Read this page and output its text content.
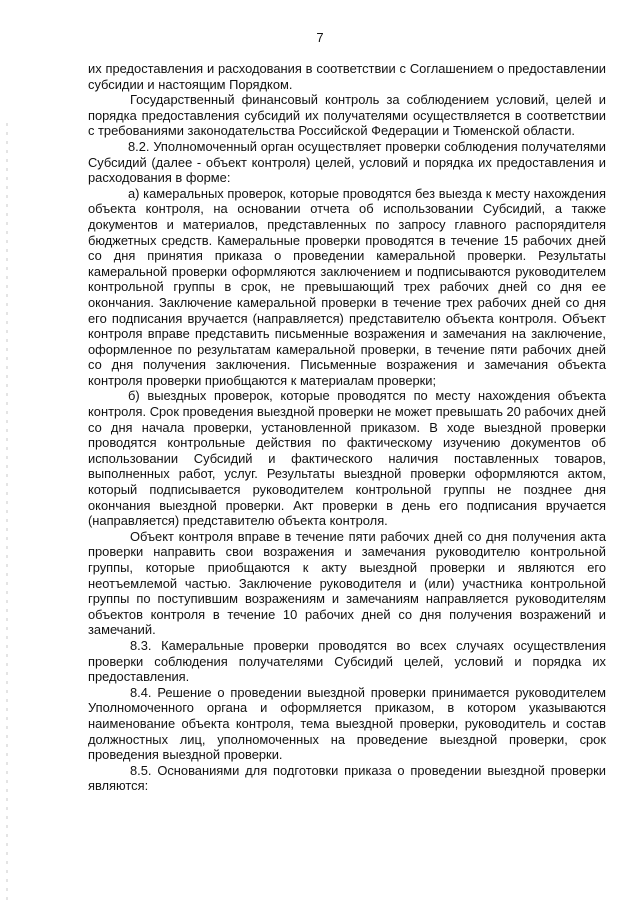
7

их предоставления и расходования в соответствии с Соглашением о предоставлении субсидии и настоящим Порядком.

Государственный финансовый контроль за соблюдением условий, целей и порядка предоставления субсидий их получателями осуществляется в соответствии с требованиями законодательства Российской Федерации и Тюменской области.

8.2. Уполномоченный орган осуществляет проверки соблюдения получателями Субсидий (далее - объект контроля) целей, условий и порядка их предоставления и расходования в форме:

а) камеральных проверок, которые проводятся без выезда к месту нахождения объекта контроля, на основании отчета об использовании Субсидий, а также документов и материалов, представленных по запросу главного распорядителя бюджетных средств. Камеральные проверки проводятся в течение 15 рабочих дней со дня принятия приказа о проведении камеральной проверки. Результаты камеральной проверки оформляются заключением и подписываются руководителем контрольной группы в срок, не превышающий трех рабочих дней со дня ее окончания. Заключение камеральной проверки в течение трех рабочих дней со дня его подписания вручается (направляется) представителю объекта контроля. Объект контроля вправе представить письменные возражения и замечания на заключение, оформленное по результатам камеральной проверки, в течение пяти рабочих дней со дня получения заключения. Письменные возражения и замечания объекта контроля проверки приобщаются к материалам проверки;

б) выездных проверок, которые проводятся по месту нахождения объекта контроля. Срок проведения выездной проверки не может превышать 20 рабочих дней со дня начала проверки, установленной приказом. В ходе выездной проверки проводятся контрольные действия по фактическому изучению документов об использовании Субсидий и фактического наличия поставленных товаров, выполненных работ, услуг. Результаты выездной проверки оформляются актом, который подписывается руководителем контрольной группы не позднее дня окончания выездной проверки. Акт проверки в день его подписания вручается (направляется) представителю объекта контроля.

Объект контроля вправе в течение пяти рабочих дней со дня получения акта проверки направить свои возражения и замечания руководителю контрольной группы, которые приобщаются к акту выездной проверки и являются его неотъемлемой частью. Заключение руководителя и (или) участника контрольной группы по поступившим возражениям и замечаниям направляется руководителям объектов контроля в течение 10 рабочих дней со дня получения возражений и замечаний.

8.3. Камеральные проверки проводятся во всех случаях осуществления проверки соблюдения получателями Субсидий целей, условий и порядка их предоставления.

8.4. Решение о проведении выездной проверки принимается руководителем Уполномоченного органа и оформляется приказом, в котором указываются наименование объекта контроля, тема выездной проверки, руководитель и состав должностных лиц, уполномоченных на проведение выездной проверки, срок проведения выездной проверки.

8.5. Основаниями для подготовки приказа о проведении выездной проверки являются:
